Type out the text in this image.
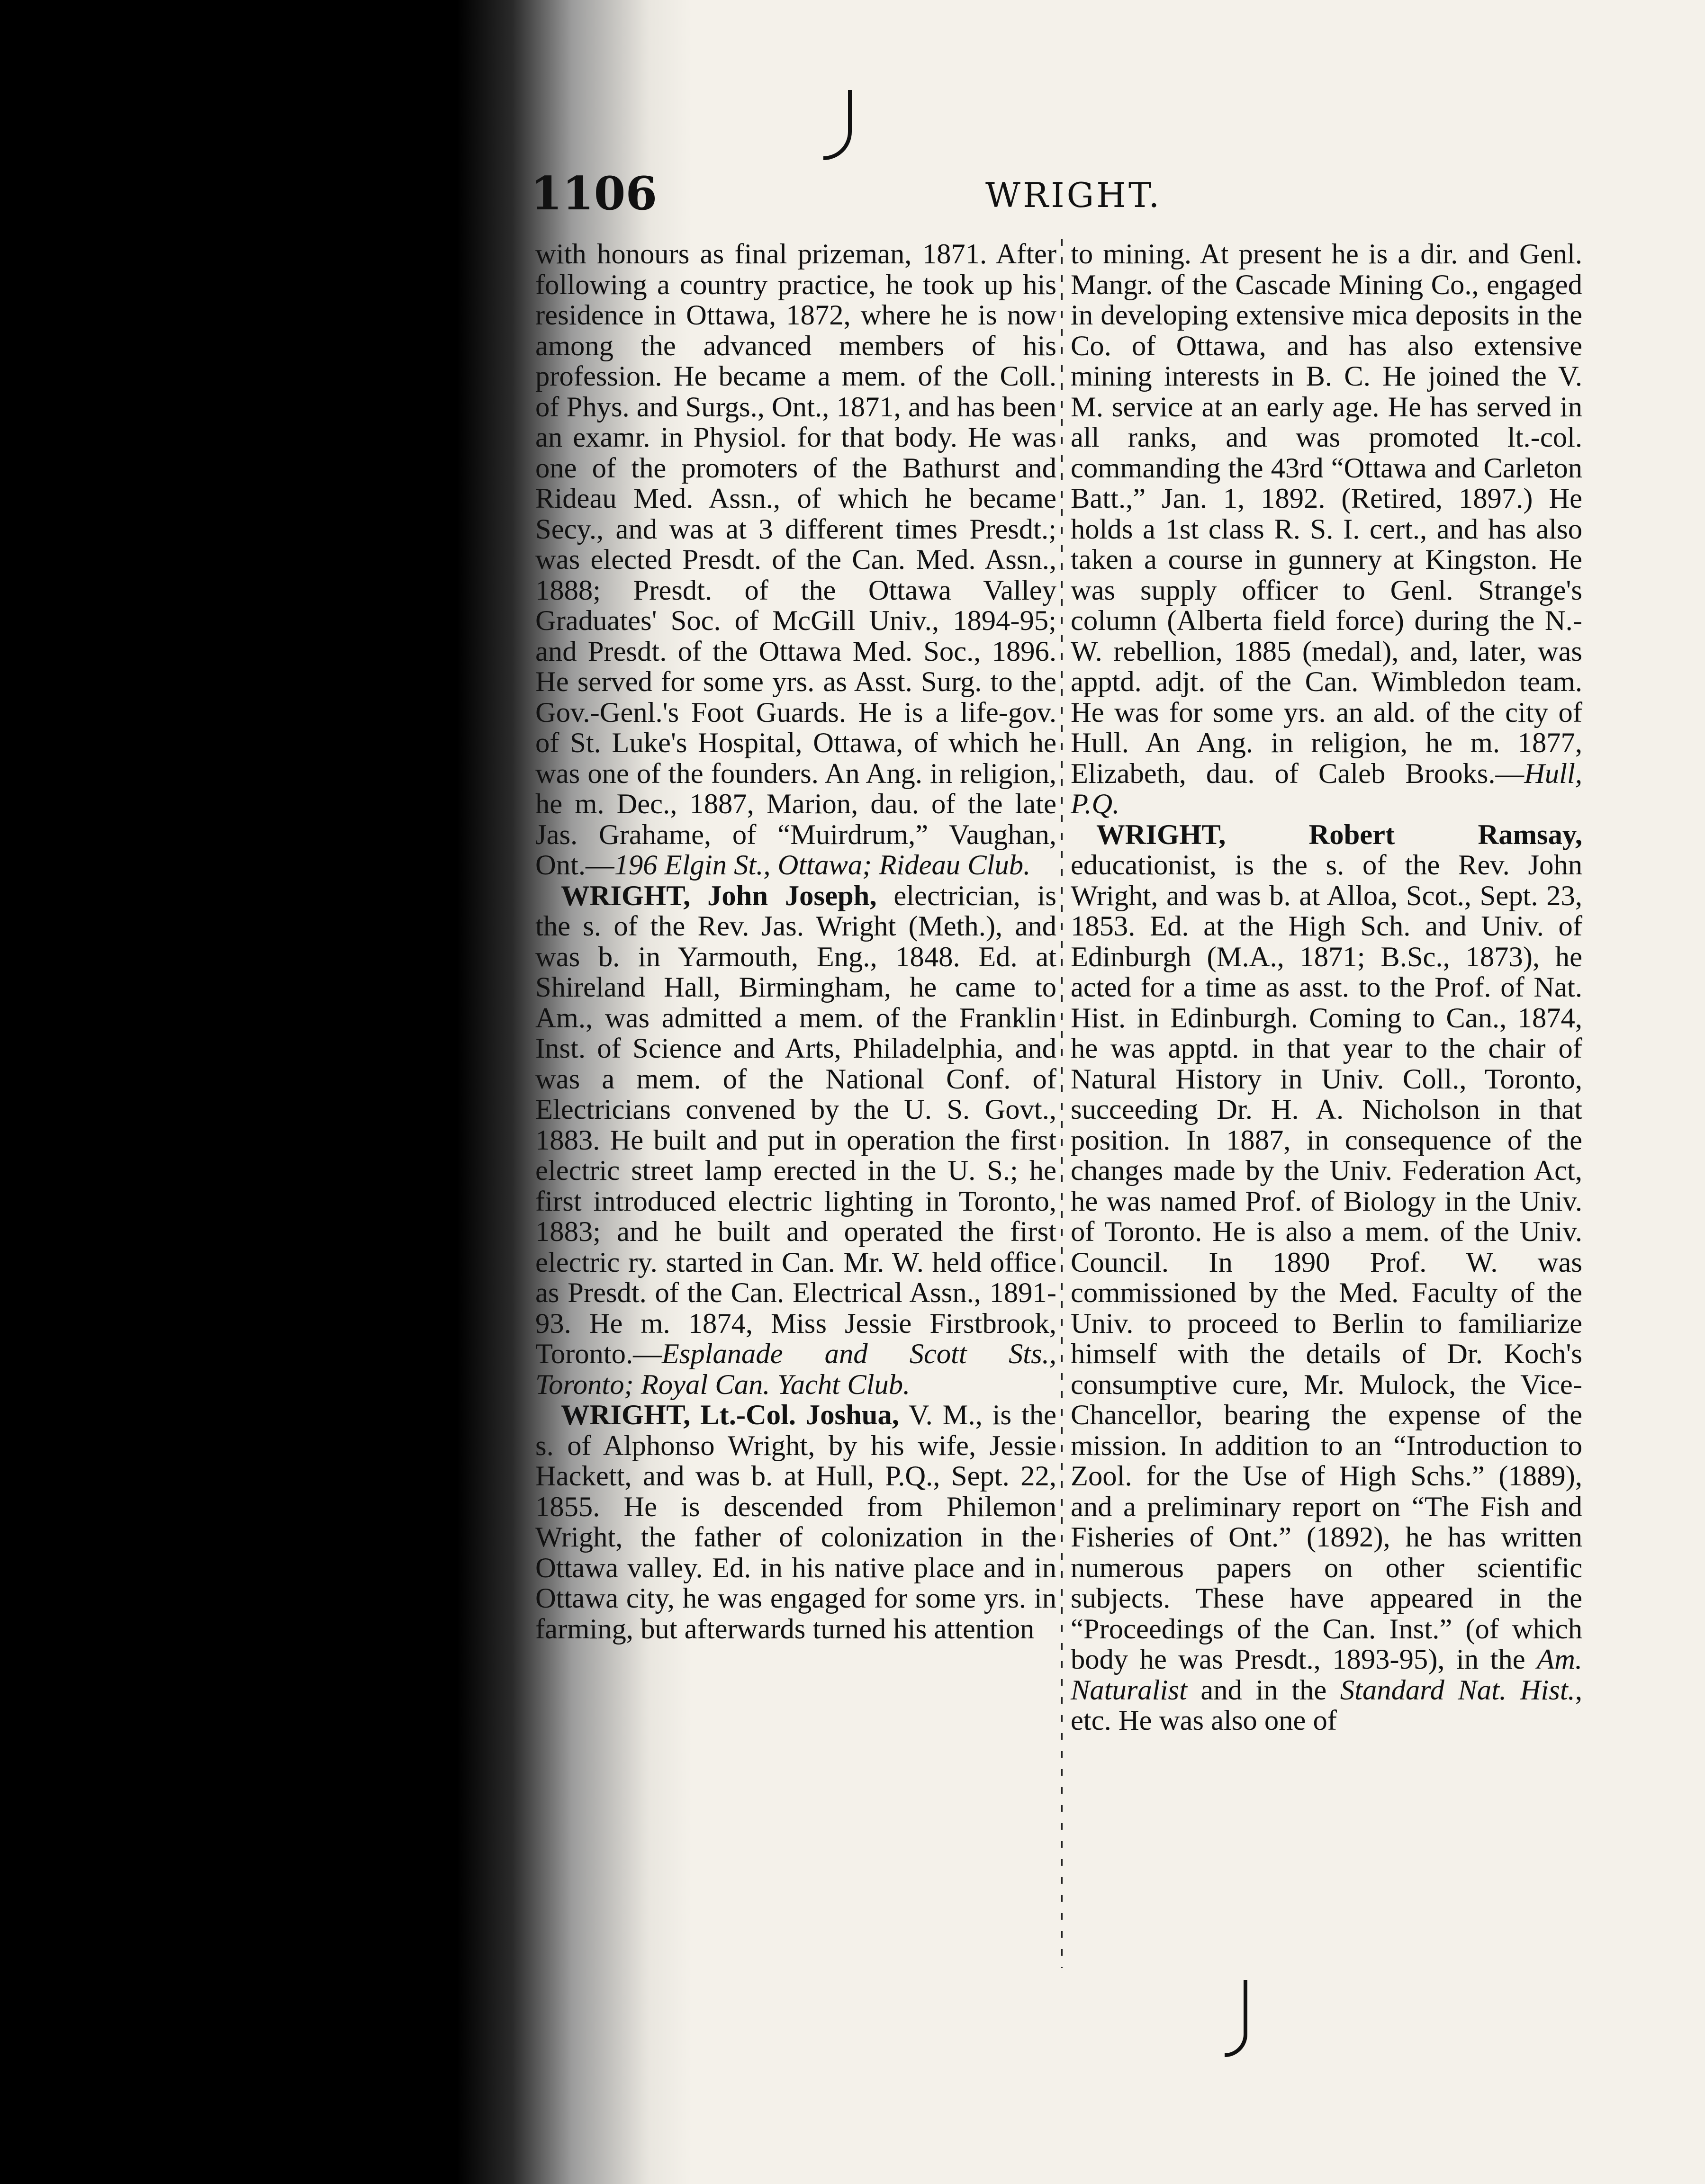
1106	WRIGHT.

with honours as final prizeman, 1871. After following a country practice, he took up his residence in Ottawa, 1872, where he is now among the advanced members of his profession. He became a mem. of the Coll. of Phys. and Surgs., Ont., 1871, and has been an examr. in Physiol. for that body. He was one of the promoters of the Bathurst and Rideau Med. Assn., of which he became Secy., and was at 3 different times Presdt.; was elected Presdt. of the Can. Med. Assn., 1888; Presdt. of the Ottawa Valley Graduates' Soc. of McGill Univ., 1894-95; and Presdt. of the Ottawa Med. Soc., 1896. He served for some yrs. as Asst. Surg. to the Gov.-Genl.'s Foot Guards. He is a life-gov. of St. Luke's Hospital, Ottawa, of which he was one of the founders. An Ang. in religion, he m. Dec., 1887, Marion, dau. of the late Jas. Grahame, of “Muirdrum,” Vaughan, Ont.—196 Elgin St., Ottawa; Rideau Club.

WRIGHT, John Joseph, electrician, is the s. of the Rev. Jas. Wright (Meth.), and was b. in Yarmouth, Eng., 1848. Ed. at Shireland Hall, Birmingham, he came to Am., was admitted a mem. of the Franklin Inst. of Science and Arts, Philadelphia, and was a mem. of the National Conf. of Electricians convened by the U. S. Govt., 1883. He built and put in operation the first electric street lamp erected in the U. S.; he first introduced electric lighting in Toronto, 1883; and he built and operated the first electric ry. started in Can. Mr. W. held office as Presdt. of the Can. Electrical Assn., 1891-93. He m. 1874, Miss Jessie Firstbrook, Toronto.—Esplanade and Scott Sts., Toronto; Royal Can. Yacht Club.

WRIGHT, Lt.-Col. Joshua, V. M., is the s. of Alphonso Wright, by his wife, Jessie Hackett, and was b. at Hull, P.Q., Sept. 22, 1855. He is descended from Philemon Wright, the father of colonization in the Ottawa valley. Ed. in his native place and in Ottawa city, he was engaged for some yrs. in farming, but afterwards turned his attention

to mining. At present he is a dir. and Genl. Mangr. of the Cascade Mining Co., engaged in developing extensive mica deposits in the Co. of Ottawa, and has also extensive mining interests in B. C. He joined the V. M. service at an early age. He has served in all ranks, and was promoted lt.-col. commanding the 43rd “Ottawa and Carleton Batt.,” Jan. 1, 1892. (Retired, 1897.) He holds a 1st class R. S. I. cert., and has also taken a course in gunnery at Kingston. He was supply officer to Genl. Strange's column (Alberta field force) during the N.-W. rebellion, 1885 (medal), and, later, was apptd. adjt. of the Can. Wimbledon team. He was for some yrs. an ald. of the city of Hull. An Ang. in religion, he m. 1877, Elizabeth, dau. of Caleb Brooks.—Hull, P.Q.

WRIGHT, Robert Ramsay, educationist, is the s. of the Rev. John Wright, and was b. at Alloa, Scot., Sept. 23, 1853. Ed. at the High Sch. and Univ. of Edinburgh (M.A., 1871; B.Sc., 1873), he acted for a time as asst. to the Prof. of Nat. Hist. in Edinburgh. Coming to Can., 1874, he was apptd. in that year to the chair of Natural History in Univ. Coll., Toronto, succeeding Dr. H. A. Nicholson in that position. In 1887, in consequence of the changes made by the Univ. Federation Act, he was named Prof. of Biology in the Univ. of Toronto. He is also a mem. of the Univ. Council. In 1890 Prof. W. was commissioned by the Med. Faculty of the Univ. to proceed to Berlin to familiarize himself with the details of Dr. Koch's consumptive cure, Mr. Mulock, the Vice-Chancellor, bearing the expense of the mission. In addition to an “Introduction to Zool. for the Use of High Schs.” (1889), and a preliminary report on “The Fish and Fisheries of Ont.” (1892), he has written numerous papers on other scientific subjects. These have appeared in the “Proceedings of the Can. Inst.” (of which body he was Presdt., 1893-95), in the Am. Naturalist and in the Standard Nat. Hist., etc. He was also one of
